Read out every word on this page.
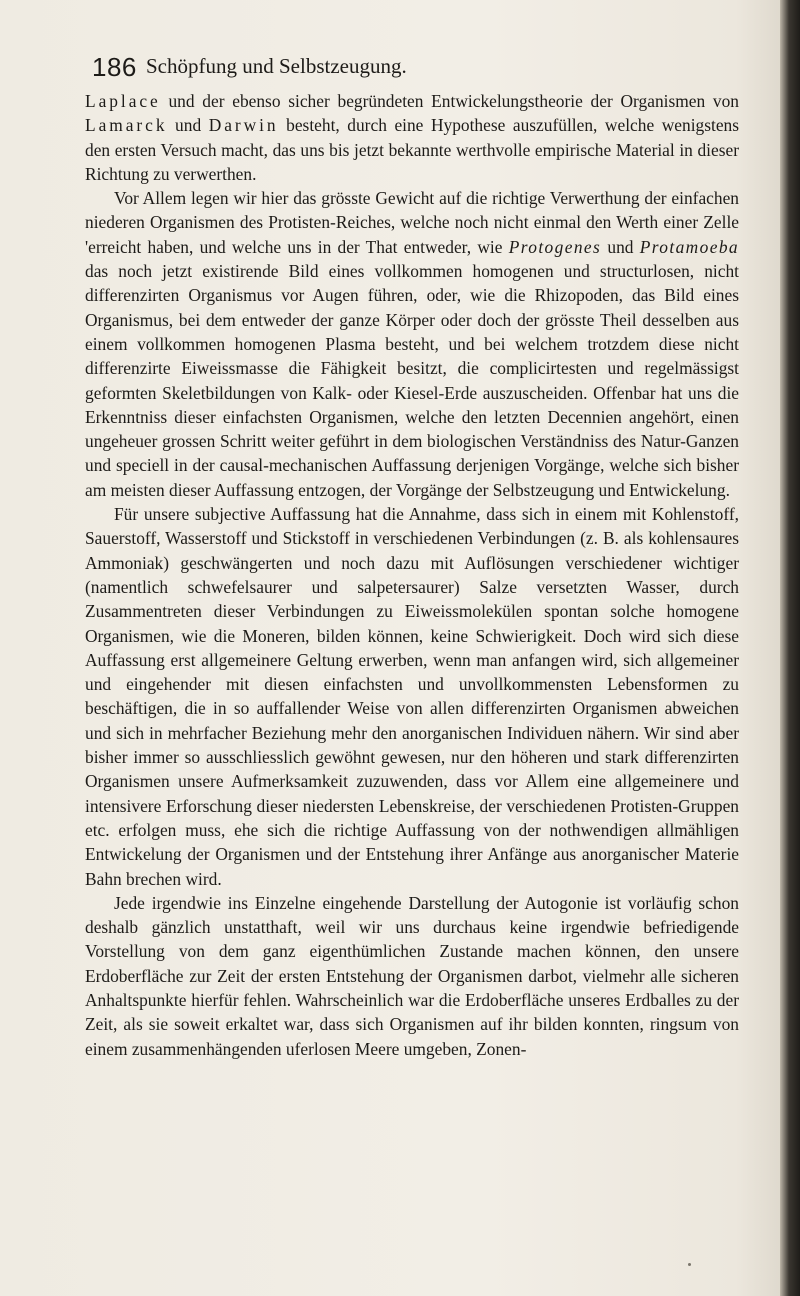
186 Schöpfung und Selbstzeugung.

Laplace und der ebenso sicher begründeten Entwickelungstheorie der Organismen von Lamarck und Darwin besteht, durch eine Hypothese auszufüllen, welche wenigstens den ersten Versuch macht, das uns bis jetzt bekannte werthvolle empirische Material in dieser Richtung zu verwerthen.

Vor Allem legen wir hier das grösste Gewicht auf die richtige Verwerthung der einfachen niederen Organismen des Protisten-Reiches, welche noch nicht einmal den Werth einer Zelle 'erreicht haben, und welche uns in der That entweder, wie Protogenes und Protamoeba das noch jetzt existirende Bild eines vollkommen homogenen und structurlosen, nicht differenzirten Organismus vor Augen führen, oder, wie die Rhizopoden, das Bild eines Organismus, bei dem entweder der ganze Körper oder doch der grösste Theil desselben aus einem vollkommen homogenen Plasma besteht, und bei welchem trotzdem diese nicht differenzirte Eiweissmasse die Fähigkeit besitzt, die complicirtesten und regelmässigst geformten Skeletbildungen von Kalk- oder Kiesel-Erde auszuscheiden. Offenbar hat uns die Erkenntniss dieser einfachsten Organismen, welche den letzten Decennien angehört, einen ungeheuer grossen Schritt weiter geführt in dem biologischen Verständniss des Natur-Ganzen und speciell in der causal-mechanischen Auffassung derjenigen Vorgänge, welche sich bisher am meisten dieser Auffassung entzogen, der Vorgänge der Selbstzeugung und Entwickelung.

Für unsere subjective Auffassung hat die Annahme, dass sich in einem mit Kohlenstoff, Sauerstoff, Wasserstoff und Stickstoff in verschiedenen Verbindungen (z. B. als kohlensaures Ammoniak) geschwängerten und noch dazu mit Auflösungen verschiedener wichtiger (namentlich schwefelsaurer und salpetersaurer) Salze versetzten Wasser, durch Zusammentreten dieser Verbindungen zu Eiweissmolekülen spontan solche homogene Organismen, wie die Moneren, bilden können, keine Schwierigkeit. Doch wird sich diese Auffassung erst allgemeinere Geltung erwerben, wenn man anfangen wird, sich allgemeiner und eingehender mit diesen einfachsten und unvollkommensten Lebensformen zu beschäftigen, die in so auffallender Weise von allen differenzirten Organismen abweichen und sich in mehrfacher Beziehung mehr den anorganischen Individuen nähern. Wir sind aber bisher immer so ausschliesslich gewöhnt gewesen, nur den höheren und stark differenzirten Organismen unsere Aufmerksamkeit zuzuwenden, dass vor Allem eine allgemeinere und intensivere Erforschung dieser niedersten Lebenskreise, der verschiedenen Protisten-Gruppen etc. erfolgen muss, ehe sich die richtige Auffassung von der nothwendigen allmähligen Entwickelung der Organismen und der Entstehung ihrer Anfänge aus anorganischer Materie Bahn brechen wird.

Jede irgendwie ins Einzelne eingehende Darstellung der Autogonie ist vorläufig schon deshalb gänzlich unstatthaft, weil wir uns durchaus keine irgendwie befriedigende Vorstellung von dem ganz eigenthümlichen Zustande machen können, den unsere Erdoberfläche zur Zeit der ersten Entstehung der Organismen darbot, vielmehr alle sicheren Anhaltspunkte hierfür fehlen. Wahrscheinlich war die Erdoberfläche unseres Erdballes zu der Zeit, als sie soweit erkaltet war, dass sich Organismen auf ihr bilden konnten, ringsum von einem zusammenhängenden uferlosen Meere umgeben, Zonen-
